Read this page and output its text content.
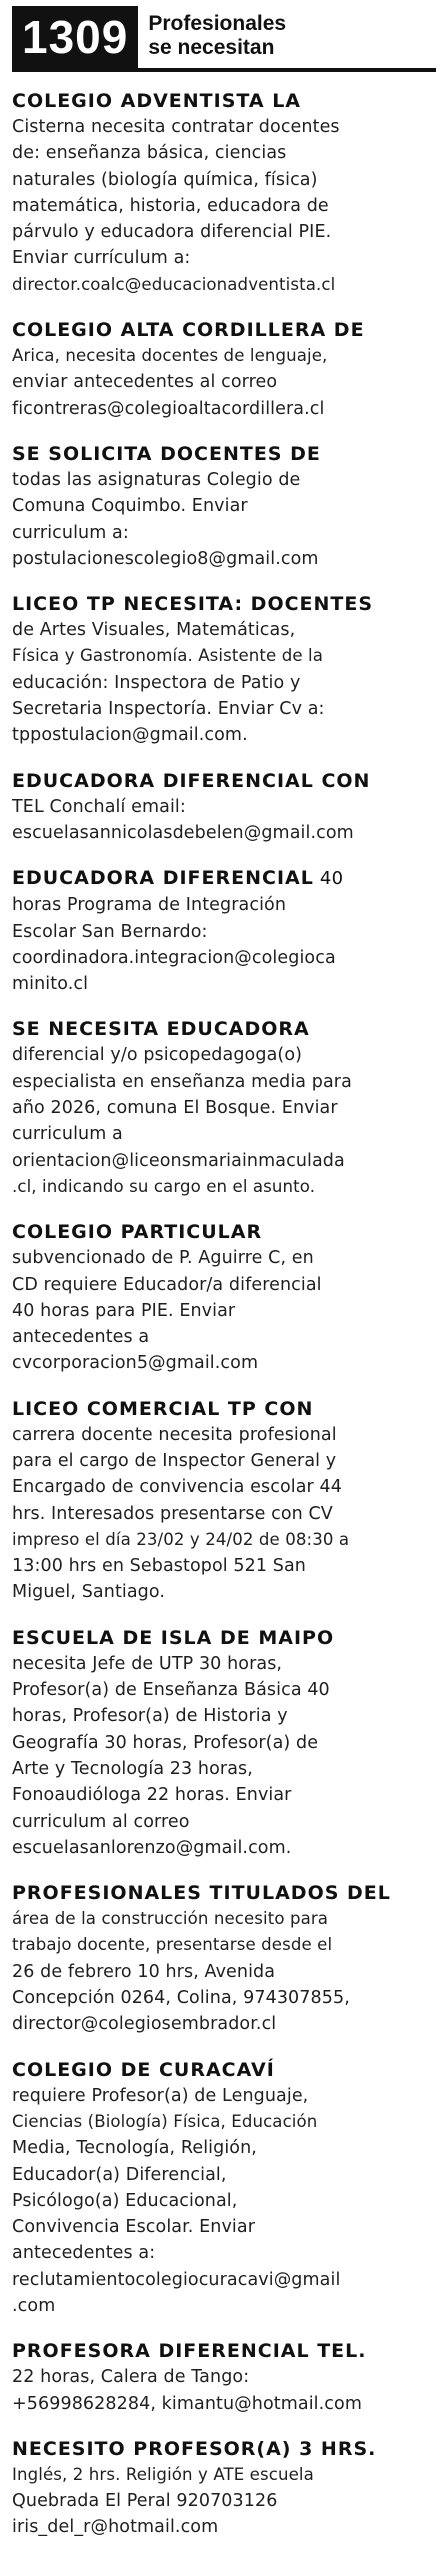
1309 Profesionales
se necesitan
COLEGIO ADVENTISTA LA
Cisterna necesita contratar docentes
de: enseñanza básica, ciencias
naturales (biología química, física)
matemática, historia, educadora de
párvulo y educadora diferencial PIE.
Enviar currículum a:
director.coalc@educacionadventista.cl
COLEGIO ALTA CORDILLERA DE
Arica, necesita docentes de lenguaje,
enviar antecedentes al correo
ficontreras@colegioaltacordillera.cl
SE SOLICITA DOCENTES DE
todas las asignaturas Colegio de
Comuna Coquimbo. Enviar
curriculum a:
postulacionescolegio8@gmail.com
LICEO TP NECESITA: DOCENTES
de Artes Visuales, Matemáticas,
Física y Gastronomía. Asistente de la
educación: Inspectora de Patio y
Secretaria Inspectoría. Enviar Cv a:
tppostulacion@gmail.com.
EDUCADORA DIFERENCIAL CON
TEL Conchalí email:
escuelasannicolasdebelen@gmail.com
EDUCADORA DIFERENCIAL 40
horas Programa de Integración
Escolar San Bernardo:
coordinadora.integracion@colegioca
minito.cl
SE NECESITA EDUCADORA
diferencial y/o psicopedagoga(o)
especialista en enseñanza media para
año 2026, comuna El Bosque. Enviar
curriculum a
orientacion@liceonsmariainmaculada
.cl, indicando su cargo en el asunto.
COLEGIO PARTICULAR
subvencionado de P. Aguirre C, en
CD requiere Educador/a diferencial
40 horas para PIE. Enviar
antecedentes a
cvcorporacion5@gmail.com
LICEO COMERCIAL TP CON
carrera docente necesita profesional
para el cargo de Inspector General y
Encargado de convivencia escolar 44
hrs. Interesados presentarse con CV
impreso el día 23/02 y 24/02 de 08:30 a
13:00 hrs en Sebastopol 521 San
Miguel, Santiago.
ESCUELA DE ISLA DE MAIPO
necesita Jefe de UTP 30 horas,
Profesor(a) de Enseñanza Básica 40
horas, Profesor(a) de Historia y
Geografía 30 horas, Profesor(a) de
Arte y Tecnología 23 horas,
Fonoaudióloga 22 horas. Enviar
curriculum al correo
escuelasanlorenzo@gmail.com.
PROFESIONALES TITULADOS DEL
área de la construcción necesito para
trabajo docente, presentarse desde el
26 de febrero 10 hrs, Avenida
Concepción 0264, Colina, 974307855,
director@colegiosembrador.cl
COLEGIO DE CURACAVÍ
requiere Profesor(a) de Lenguaje,
Ciencias (Biología) Física, Educación
Media, Tecnología, Religión,
Educador(a) Diferencial,
Psicólogo(a) Educacional,
Convivencia Escolar. Enviar
antecedentes a:
reclutamientocolegiocuracavi@gmail
.com
PROFESORA DIFERENCIAL TEL.
22 horas, Calera de Tango:
+56998628284, kimantu@hotmail.com
NECESITO PROFESOR(A) 3 HRS.
Inglés, 2 hrs. Religión y ATE escuela
Quebrada El Peral 920703126
iris_del_r@hotmail.com
